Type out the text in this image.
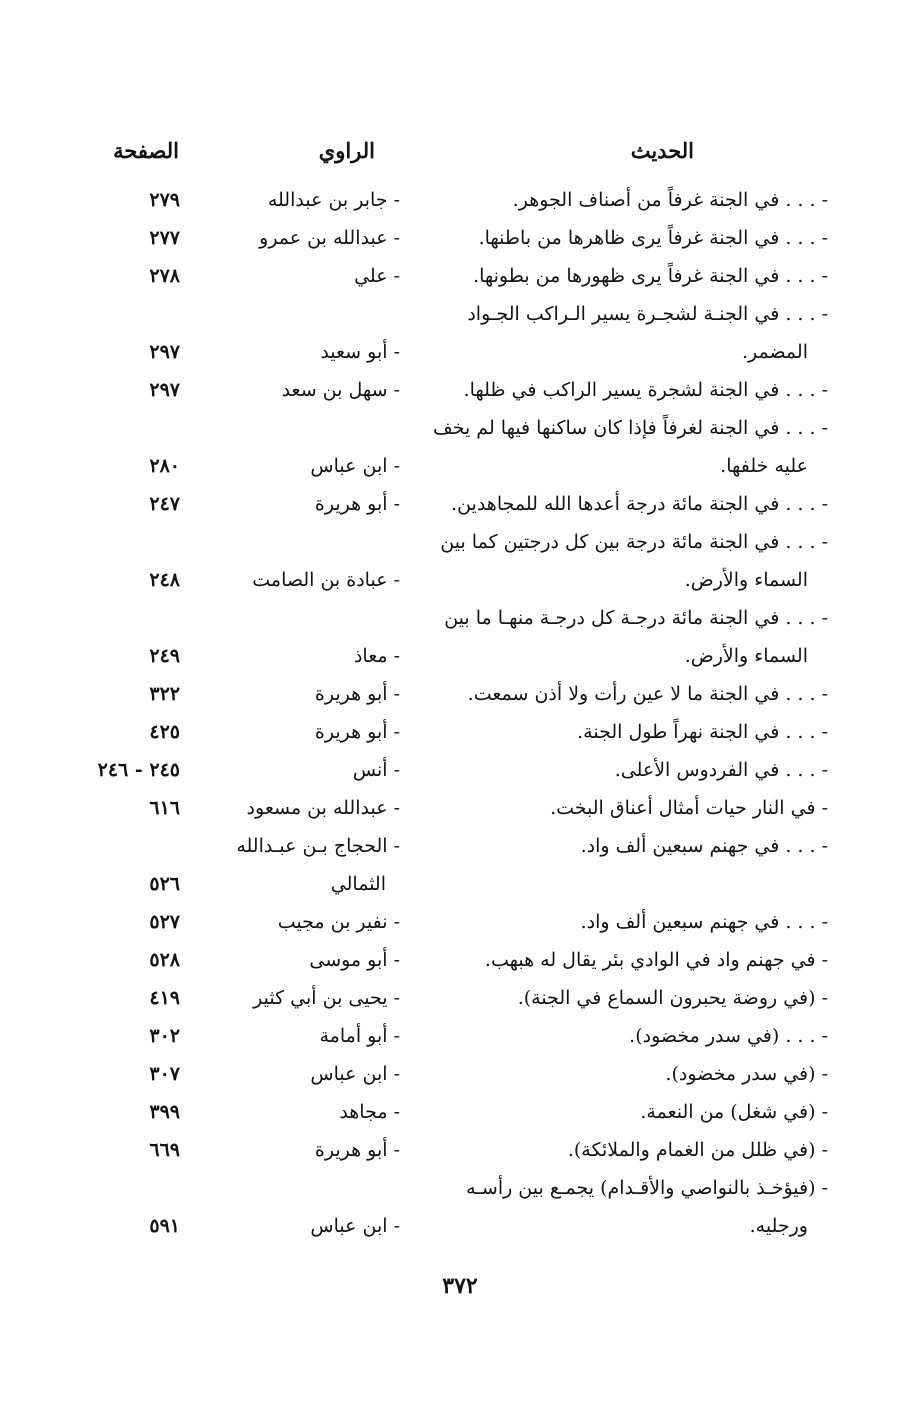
الحديث
الراوي
الصفحة
- . . . في الجنة غرفاً من أصناف الجوهر.
- جابر بن عبدالله
٢٧٩
- . . . في الجنة غرفاً يرى ظاهرها من باطنها.
- عبدالله بن عمرو
٢٧٧
- . . . في الجنة غرفاً يرى ظهورها من بطونها.
- علي
٢٧٨
- . . . في الجنـة لشجـرة يسير الـراكب الجـواد
المضمر.
- أبو سعيد
٢٩٧
- . . . في الجنة لشجرة يسير الراكب في ظلها.
- سهل بن سعد
٢٩٧
- . . . في الجنة لغرفاً فإذا كان ساكنها فيها لم يخف
عليه خلفها.
- ابن عباس
٢٨٠
- . . . في الجنة مائة درجة أعدها الله للمجاهدين.
- أبو هريرة
٢٤٧
- . . . في الجنة مائة درجة بين كل درجتين كما بين
السماء والأرض.
- عبادة بن الصامت
٢٤٨
- . . . في الجنة مائة درجـة كل درجـة منهـا ما بين
السماء والأرض.
- معاذ
٢٤٩
- . . . في الجنة ما لا عين رأت ولا أذن سمعت.
- أبو هريرة
٣٢٢
- . . . في الجنة نهراً طول الجنة.
- أبو هريرة
٤٢٥
- . . . في الفردوس الأعلى.
- أنس
٢٤٥ - ٢٤٦
- في النار حيات أمثال أعناق البخت.
- عبدالله بن مسعود
٦١٦
- . . . في جهنم سبعين ألف واد.
- الحجاج بـن عبـدالله
الثمالي
٥٢٦
- . . . في جهنم سبعين ألف واد.
- نفير بن مجيب
٥٢٧
- في جهنم واد في الوادي بئر يقال له هبهب.
- أبو موسى
٥٢٨
- (في روضة يحبرون السماع في الجنة).
- يحيى بن أبي كثير
٤١٩
- . . . (في سدر مخضود).
- أبو أمامة
٣٠٢
- (في سدر مخضود).
- ابن عباس
٣٠٧
- (في شغل) من النعمة.
- مجاهد
٣٩٩
- (في ظلل من الغمام والملائكة).
- أبو هريرة
٦٦٩
- (فيؤخـذ بالنواصي والأقـدام) يجمـع بين رأسـه
ورجليه.
- ابن عباس
٥٩١
٣٧٢
